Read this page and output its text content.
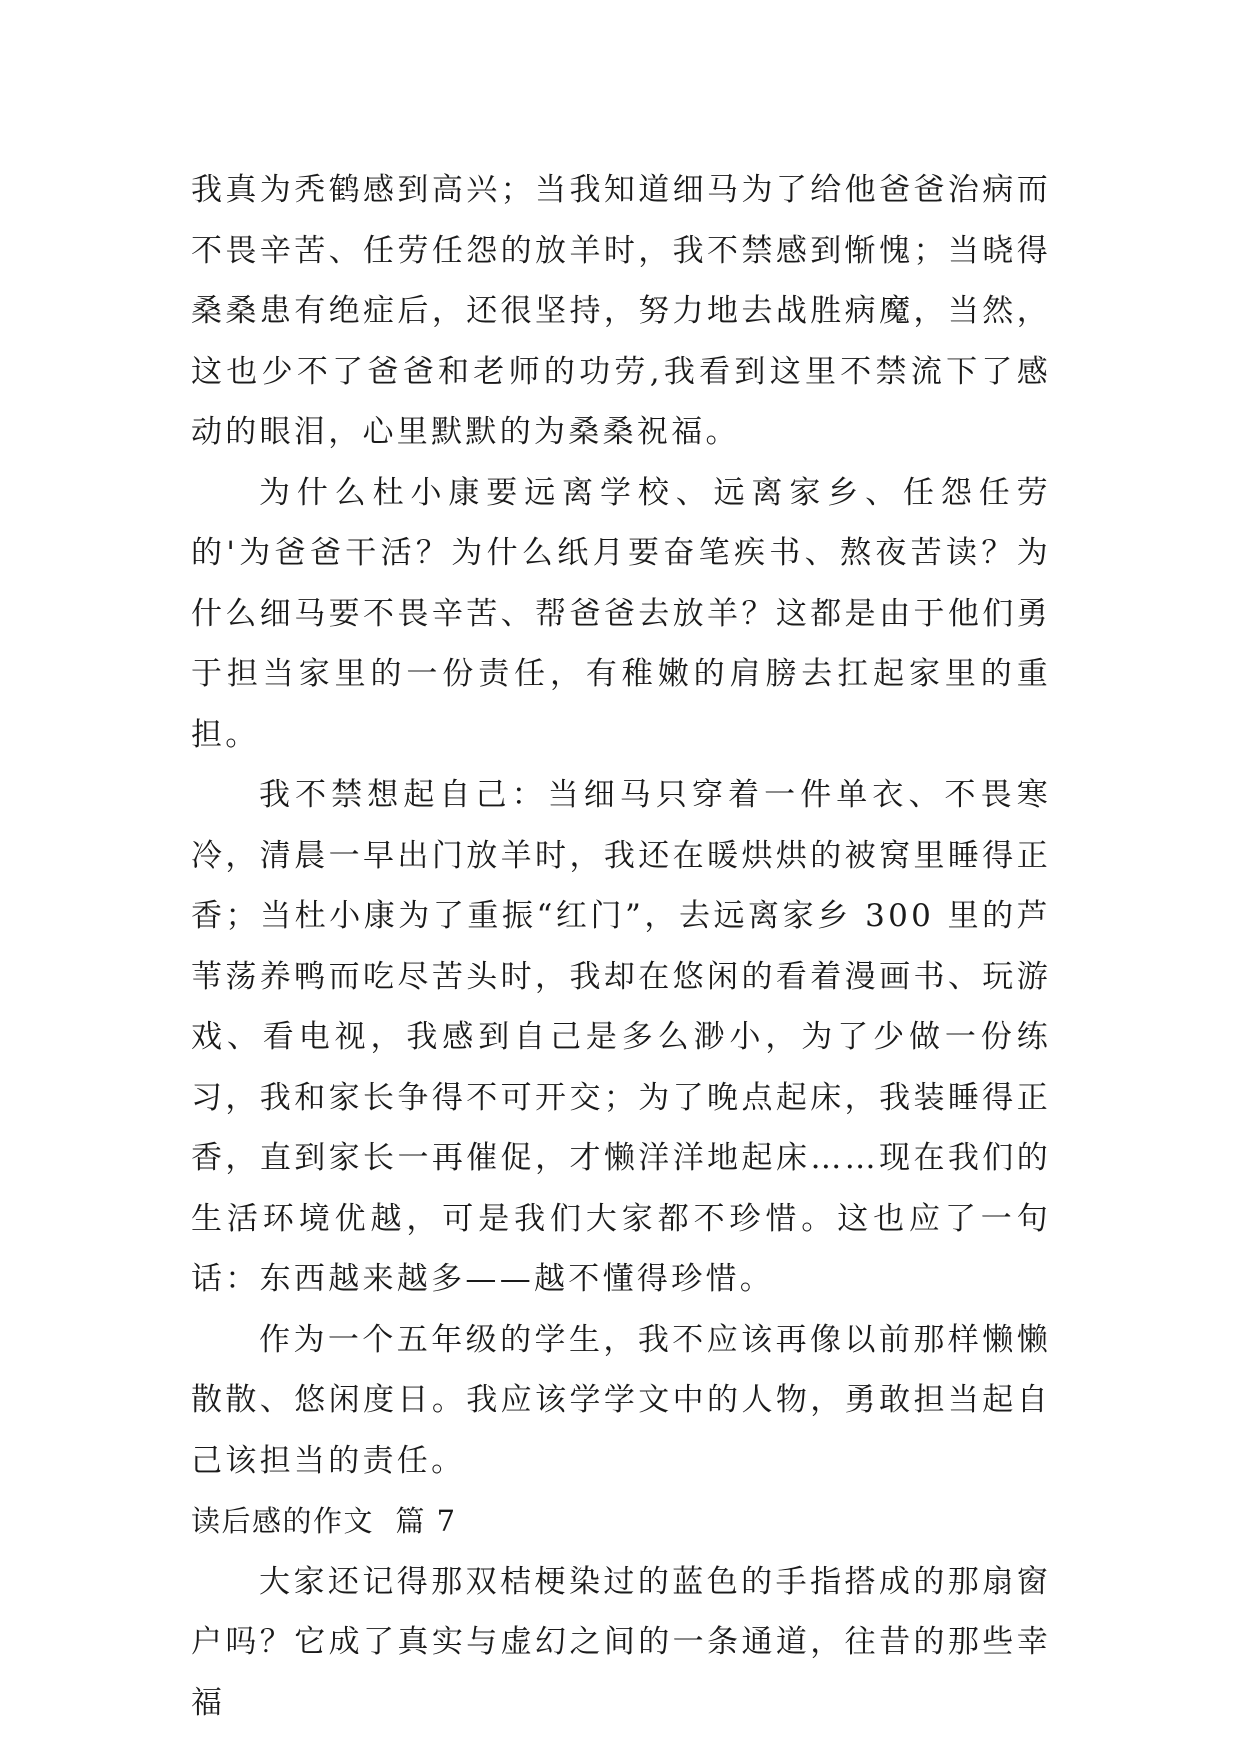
我真为秃鹤感到高兴；当我知道细马为了给他爸爸治病而不畏辛苦、任劳任怨的放羊时，我不禁感到惭愧；当晓得桑桑患有绝症后，还很坚持，努力地去战胜病魔，当然，这也少不了爸爸和老师的功劳,我看到这里不禁流下了感动的眼泪，心里默默的为桑桑祝福。

为什么杜小康要远离学校、远离家乡、任怨任劳的'为爸爸干活？为什么纸月要奋笔疾书、熬夜苦读？为什么细马要不畏辛苦、帮爸爸去放羊？这都是由于他们勇于担当家里的一份责任，有稚嫩的肩膀去扛起家里的重担。

我不禁想起自己：当细马只穿着一件单衣、不畏寒冷，清晨一早出门放羊时，我还在暖烘烘的被窝里睡得正香；当杜小康为了重振“红门”，去远离家乡 300 里的芦苇荡养鸭而吃尽苦头时，我却在悠闲的看着漫画书、玩游戏、看电视，我感到自己是多么渺小，为了少做一份练习，我和家长争得不可开交；为了晚点起床，我装睡得正香，直到家长一再催促，才懒洋洋地起床……现在我们的生活环境优越，可是我们大家都不珍惜。这也应了一句话：东西越来越多——越不懂得珍惜。

作为一个五年级的学生，我不应该再像以前那样懒懒散散、悠闲度日。我应该学学文中的人物，勇敢担当起自己该担当的责任。

读后感的作文  篇 7

大家还记得那双桔梗染过的蓝色的手指搭成的那扇窗户吗？它成了真实与虚幻之间的一条通道，往昔的那些幸福
